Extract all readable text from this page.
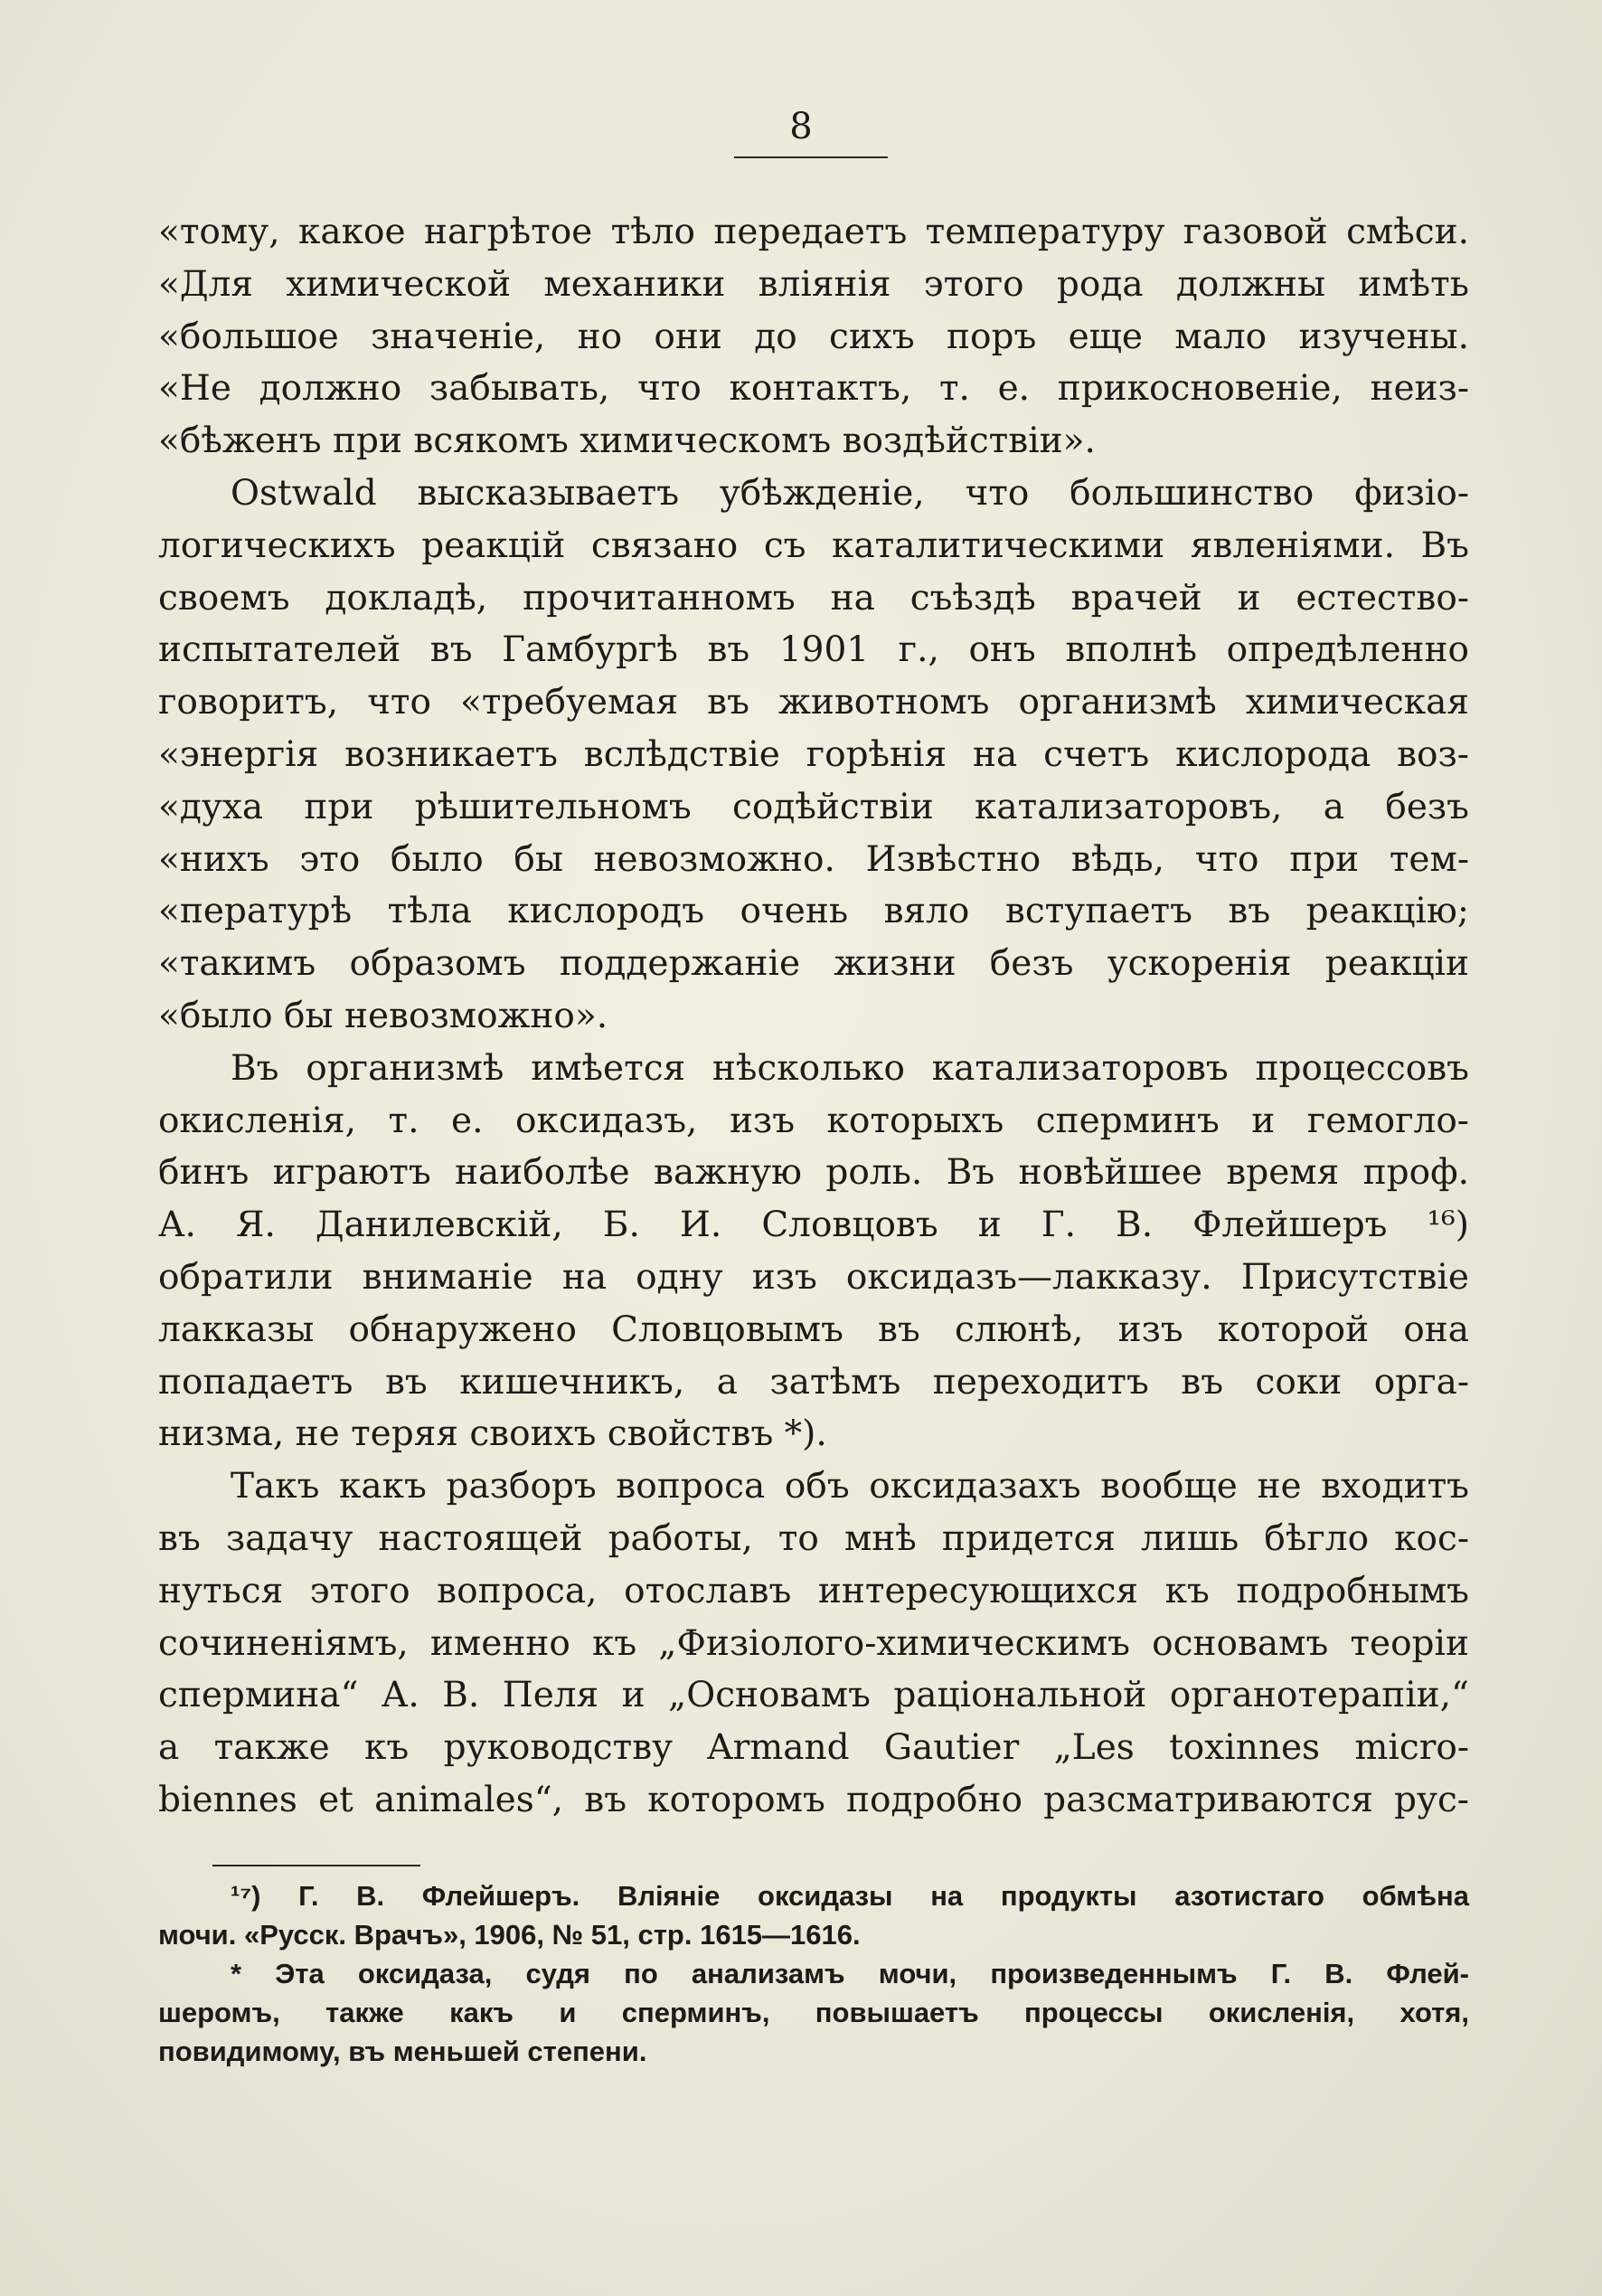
8
«тому, какое нагрѣтое тѣло передаетъ температуру газовой смѣси.
«Для химической механики вліянія этого рода должны имѣть
«большое значеніе, но они до сихъ поръ еще мало изучены.
«Не должно забывать, что контактъ, т. е. прикосновеніе, неиз-
«бѣженъ при всякомъ химическомъ воздѣйствіи».
Ostwald высказываетъ убѣжденіе, что большинство физіо-
логическихъ реакцій связано съ каталитическими явленіями. Въ
своемъ докладѣ, прочитанномъ на съѣздѣ врачей и естество-
испытателей въ Гамбургѣ въ 1901 г., онъ вполнѣ опредѣленно
говоритъ, что «требуемая въ животномъ организмѣ химическая
«энергія возникаетъ вслѣдствіе горѣнія на счетъ кислорода воз-
«духа при рѣшительномъ содѣйствіи катализаторовъ, а безъ
«нихъ это было бы невозможно. Извѣстно вѣдь, что при тем-
«пературѣ тѣла кислородъ очень вяло вступаетъ въ реакцію;
«такимъ образомъ поддержаніе жизни безъ ускоренія реакціи
«было бы невозможно».
Въ организмѣ имѣется нѣсколько катализаторовъ процессовъ
окисленія, т. е. оксидазъ, изъ которыхъ сперминъ и гемогло-
бинъ играютъ наиболѣе важную роль. Въ новѣйшее время проф.
А. Я. Данилевскій, Б. И. Словцовъ и Г. В. Флейшеръ ¹⁶)
обратили вниманіе на одну изъ оксидазъ—лакказу. Присутствіе
лакказы обнаружено Словцовымъ въ слюнѣ, изъ которой она
попадаетъ въ кишечникъ, а затѣмъ переходитъ въ соки орга-
низма, не теряя своихъ свойствъ *).
Такъ какъ разборъ вопроса объ оксидазахъ вообще не входитъ
въ задачу настоящей работы, то мнѣ придется лишь бѣгло кос-
нуться этого вопроса, отославъ интересующихся къ подробнымъ
сочиненіямъ, именно къ „Физіолого-химическимъ основамъ теоріи
спермина“ А. В. Пеля и „Основамъ раціональной органотерапіи,“
а также къ руководству Armand Gautier „Les toxinnes micro-
biennes et animales“, въ которомъ подробно разсматриваются рус-
¹⁷) Г. В. Флейшеръ. Вліяніе оксидазы на продукты азотистаго обмѣна
мочи. «Русск. Врачъ», 1906, № 51, стр. 1615—1616.
* Эта оксидаза, судя по анализамъ мочи, произведеннымъ Г. В. Флей-
шеромъ, также какъ и сперминъ, повышаетъ процессы окисленія, хотя,
повидимому, въ меньшей степени.
